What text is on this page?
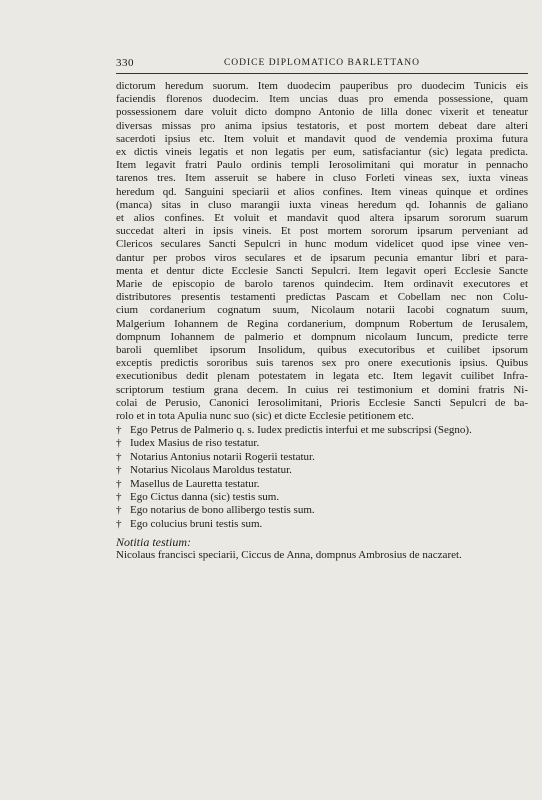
330	CODICE DIPLOMATICO BARLETTANO
dictorum heredum suorum. Item duodecim pauperibus pro duodecim Tunicis eis
faciendis florenos duodecim. Item uncias duas pro emenda possessione, quam
possessionem dare voluit dicto dompno Antonio de lilla donec vixerit et teneatur
diversas missas pro anima ipsius testatoris, et post mortem debeat dare alteri
sacerdoti ipsius etc. Item voluit et mandavit quod de vendemia proxima futura
ex dictis vineis legatis et non legatis per eum, satisfaciantur (sic) legata predicta.
Item legavit fratri Paulo ordinis templi Ierosolimitani qui moratur in pennacho
tarenos tres. Item asseruit se habere in cluso Forleti vineas sex, iuxta vineas
heredum qd. Sanguini speciarii et alios confines. Item vineas quinque et ordines
(manca) sitas in cluso marangii iuxta vineas heredum qd. Iohannis de galiano
et alios confines. Et voluit et mandavit quod altera ipsarum sororum suarum
succedat alteri in ipsis vineis. Et post mortem sororum ipsarum perveniant ad
Clericos seculares Sancti Sepulcri in hunc modum videlicet quod ipse vinee ven-
dantur per probos viros seculares et de ipsarum pecunia emantur libri et para-
menta et dentur dicte Ecclesie Sancti Sepulcri. Item legavit operi Ecclesie Sancte
Marie de episcopio de barolo tarenos quindecim. Item ordinavit executores et
distributores presentis testamenti predictas Pascam et Cobellam nec non Colu-
cium cordanerium cognatum suum, Nicolaum notarii Iacobi cognatum suum,
Malgerium Iohannem de Regina cordanerium, dompnum Robertum de Ierusalem,
dompnum Iohannem de palmerio et dompnum nicolaum Iuncum, predicte terre
baroli quemlibet ipsorum Insolidum, quibus executoribus et cuilibet ipsorum
exceptis predictis sororibus suis tarenos sex pro onere executionis ipsius. Quibus
executionibus dedit plenam potestatem in legata etc. Item legavit cuilibet Infra-
scriptorum testium grana decem. In cuius rei testimonium et domini fratris Ni-
colai de Perusio, Canonici Ierosolimitani, Prioris Ecclesie Sancti Sepulcri de ba-
rolo et in tota Apulia nunc suo (sic) et dicte Ecclesie petitionem etc.
† Ego Petrus de Palmerio q. s. Iudex predictis interfui et me subscripsi (Segno).
† Iudex Masius de riso testatur.
† Notarius Antonius notarii Rogerii testatur.
† Notarius Nicolaus Maroldus testatur.
† Masellus de Lauretta testatur.
† Ego Cictus danna (sic) testis sum.
† Ego notarius de bono allibergo testis sum.
† Ego colucius bruni testis sum.
Notitia testium:
Nicolaus francisci speciarii, Ciccus de Anna, dompnus Ambrosius de naczaret.
